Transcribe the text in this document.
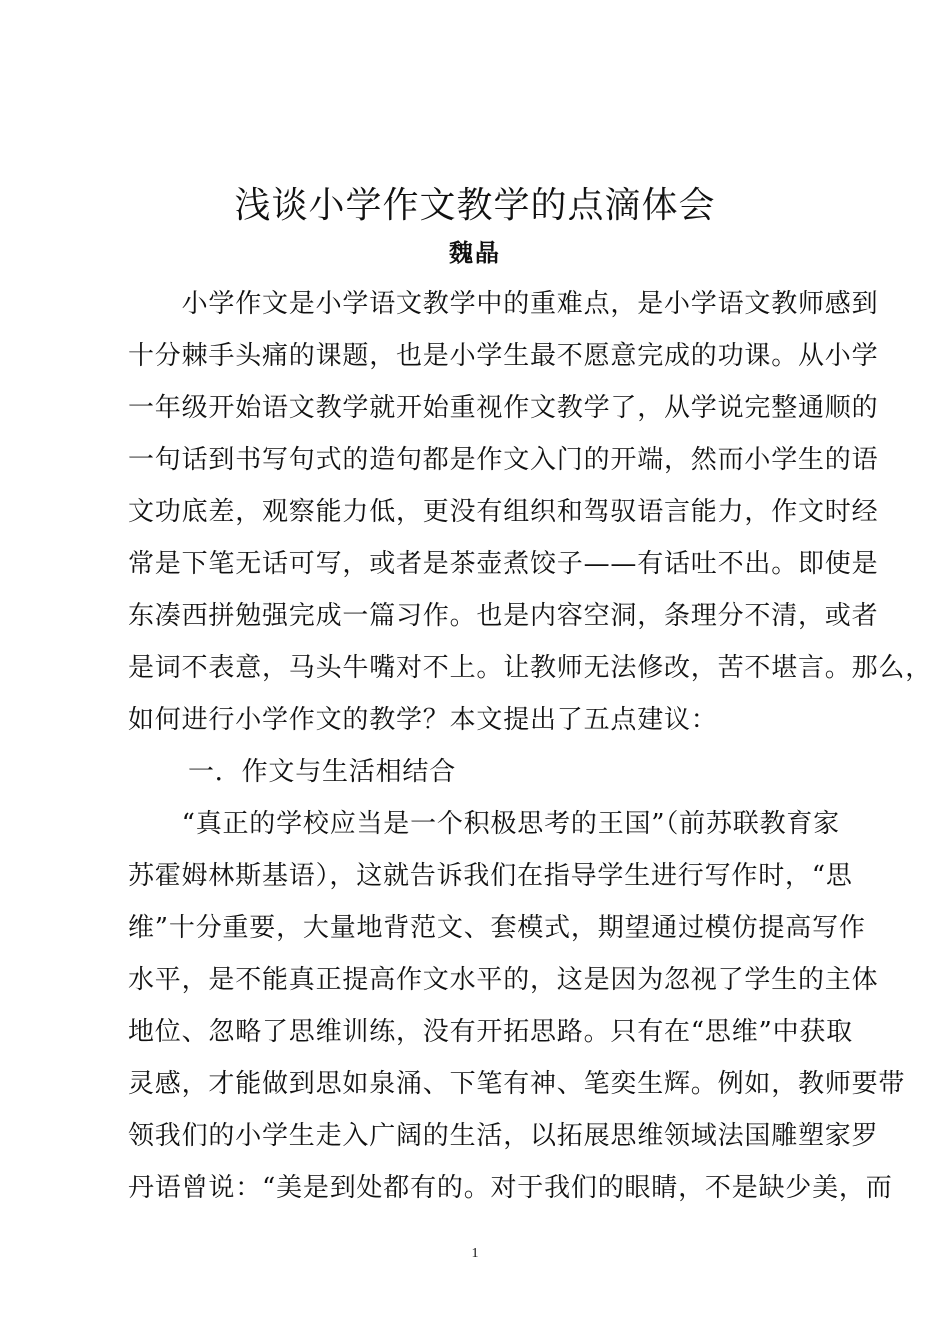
浅谈小学作文教学的点滴体会
魏晶
　　小学作文是小学语文教学中的重难点，是小学语文教师感到
十分棘手头痛的课题，也是小学生最不愿意完成的功课。从小学
一年级开始语文教学就开始重视作文教学了，从学说完整通顺的
一句话到书写句式的造句都是作文入门的开端，然而小学生的语
文功底差，观察能力低，更没有组织和驾驭语言能力，作文时经
常是下笔无话可写，或者是茶壶煮饺子——有话吐不出。即使是
东凑西拼勉强完成一篇习作。也是内容空洞，条理分不清，或者
是词不表意，马头牛嘴对不上。让教师无法修改，苦不堪言。那么，
如何进行小学作文的教学？本文提出了五点建议：
一．作文与生活相结合
　　“真正的学校应当是一个积极思考的王国”（前苏联教育家
苏霍姆林斯基语），这就告诉我们在指导学生进行写作时，“思
维”十分重要，大量地背范文、套模式，期望通过模仿提高写作
水平，是不能真正提高作文水平的，这是因为忽视了学生的主体
地位、忽略了思维训练，没有开拓思路。只有在“思维”中获取
灵感，才能做到思如泉涌、下笔有神、笔奕生辉。例如，教师要带
领我们的小学生走入广阔的生活，以拓展思维领域法国雕塑家罗
丹语曾说：“美是到处都有的。对于我们的眼睛，不是缺少美，而
1
